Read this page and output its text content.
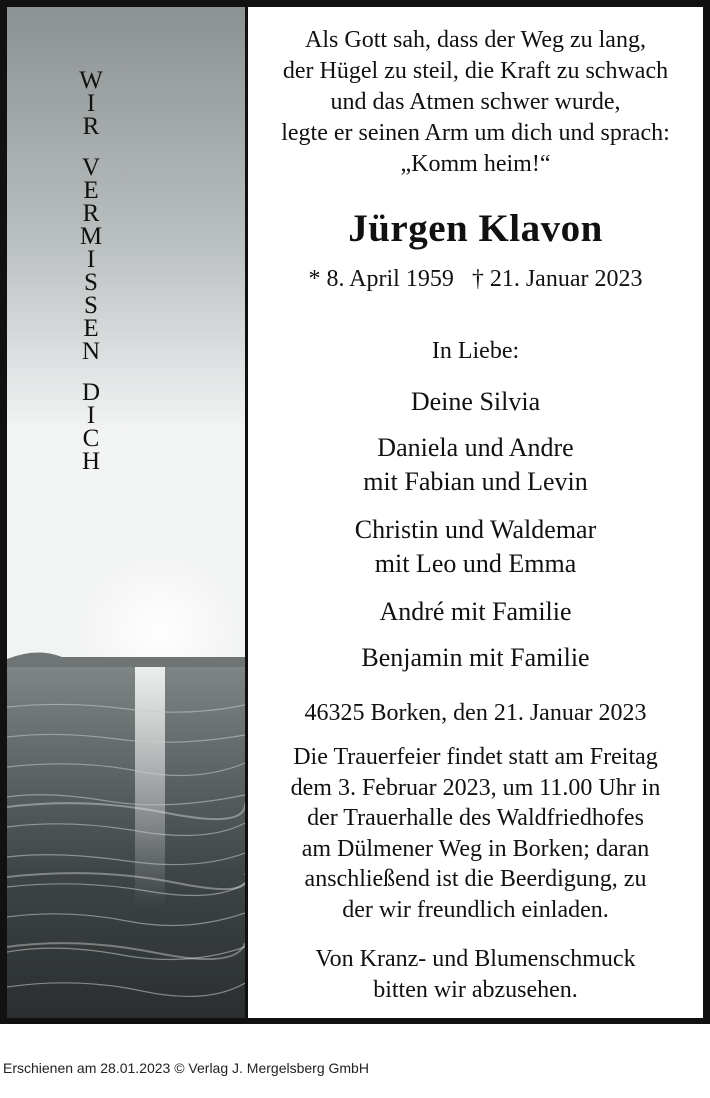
W
I
R
V
E
R
M
I
S
S
E
N
D
I
C
H
Als Gott sah, dass der Weg zu lang,
der Hügel zu steil, die Kraft zu schwach
und das Atmen schwer wurde,
legte er seinen Arm um dich und sprach:
„Komm heim!“
Jürgen Klavon
* 8. April 1959 † 21. Januar 2023
In Liebe:
Deine Silvia
Daniela und Andre
mit Fabian und Levin
Christin und Waldemar
mit Leo und Emma
André mit Familie
Benjamin mit Familie
46325 Borken, den 21. Januar 2023
Die Trauerfeier findet statt am Freitag
dem 3. Februar 2023, um 11.00 Uhr in
der Trauerhalle des Waldfriedhofes
am Dülmener Weg in Borken; daran
anschließend ist die Beerdigung, zu
der wir freundlich einladen.
Von Kranz- und Blumenschmuck
bitten wir abzusehen.
Erschienen am 28.01.2023 © Verlag J. Mergelsberg GmbH
